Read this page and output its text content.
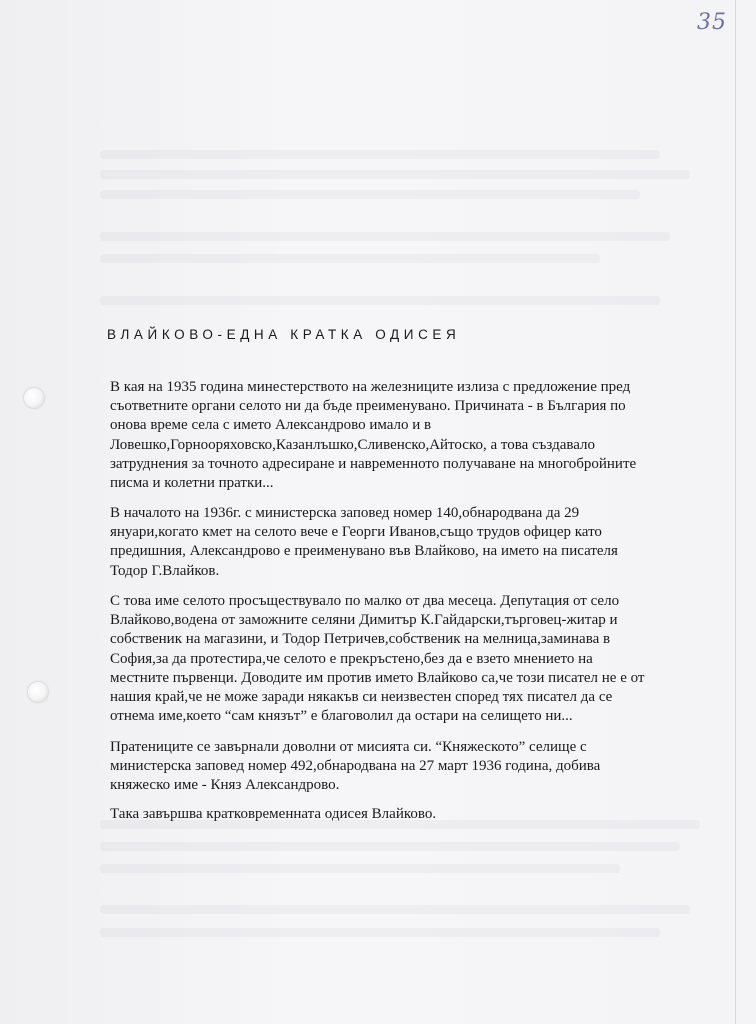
35
ВЛАЙКОВО-ЕДНА КРАТКА ОДИСЕЯ
В кая на 1935 година минестерството на железниците излиза с предложение пред
съответните органи селото ни да бъде преименувано. Причината - в България по
онова време села с името Александрово имало и в
Ловешко,Горнооряховско,Казанлъшко,Сливенско,Айтоско, а това създавало
затруднения за точното адресиране и навременното получаване на многобройните
писма и колетни пратки...
В началото на 1936г. с министерска заповед номер 140,обнародвана да 29
януари,когато кмет на селото вече е Георги Иванов,също трудов офицер като
предишния, Александрово е преименувано във Влайково, на името на писателя
Тодор Г.Влайков.
С това име селото просъществувало по малко от два месеца. Депутация от село
Влайково,водена от заможните селяни Димитър К.Гайдарски,търговец-житар и
собственик на магазини, и Тодор Петричев,собственик на мелница,заминава в
София,за да протестира,че селото е прекръстено,без да е взето мнението на
местните първенци. Доводите им против името Влайково са,че този писател не е от
нашия край,че не може заради някакъв си неизвестен според тях писател да се
отнема име,което “сам князът” е благоволил да остари на селището ни...
Пратениците се завърнали доволни от мисията си. “Княжеското” селище с
министерска заповед номер 492,обнародвана на 27 март 1936 година, добива
княжеско име - Княз Александрово.
Така завършва кратковременната одисея Влайково.
